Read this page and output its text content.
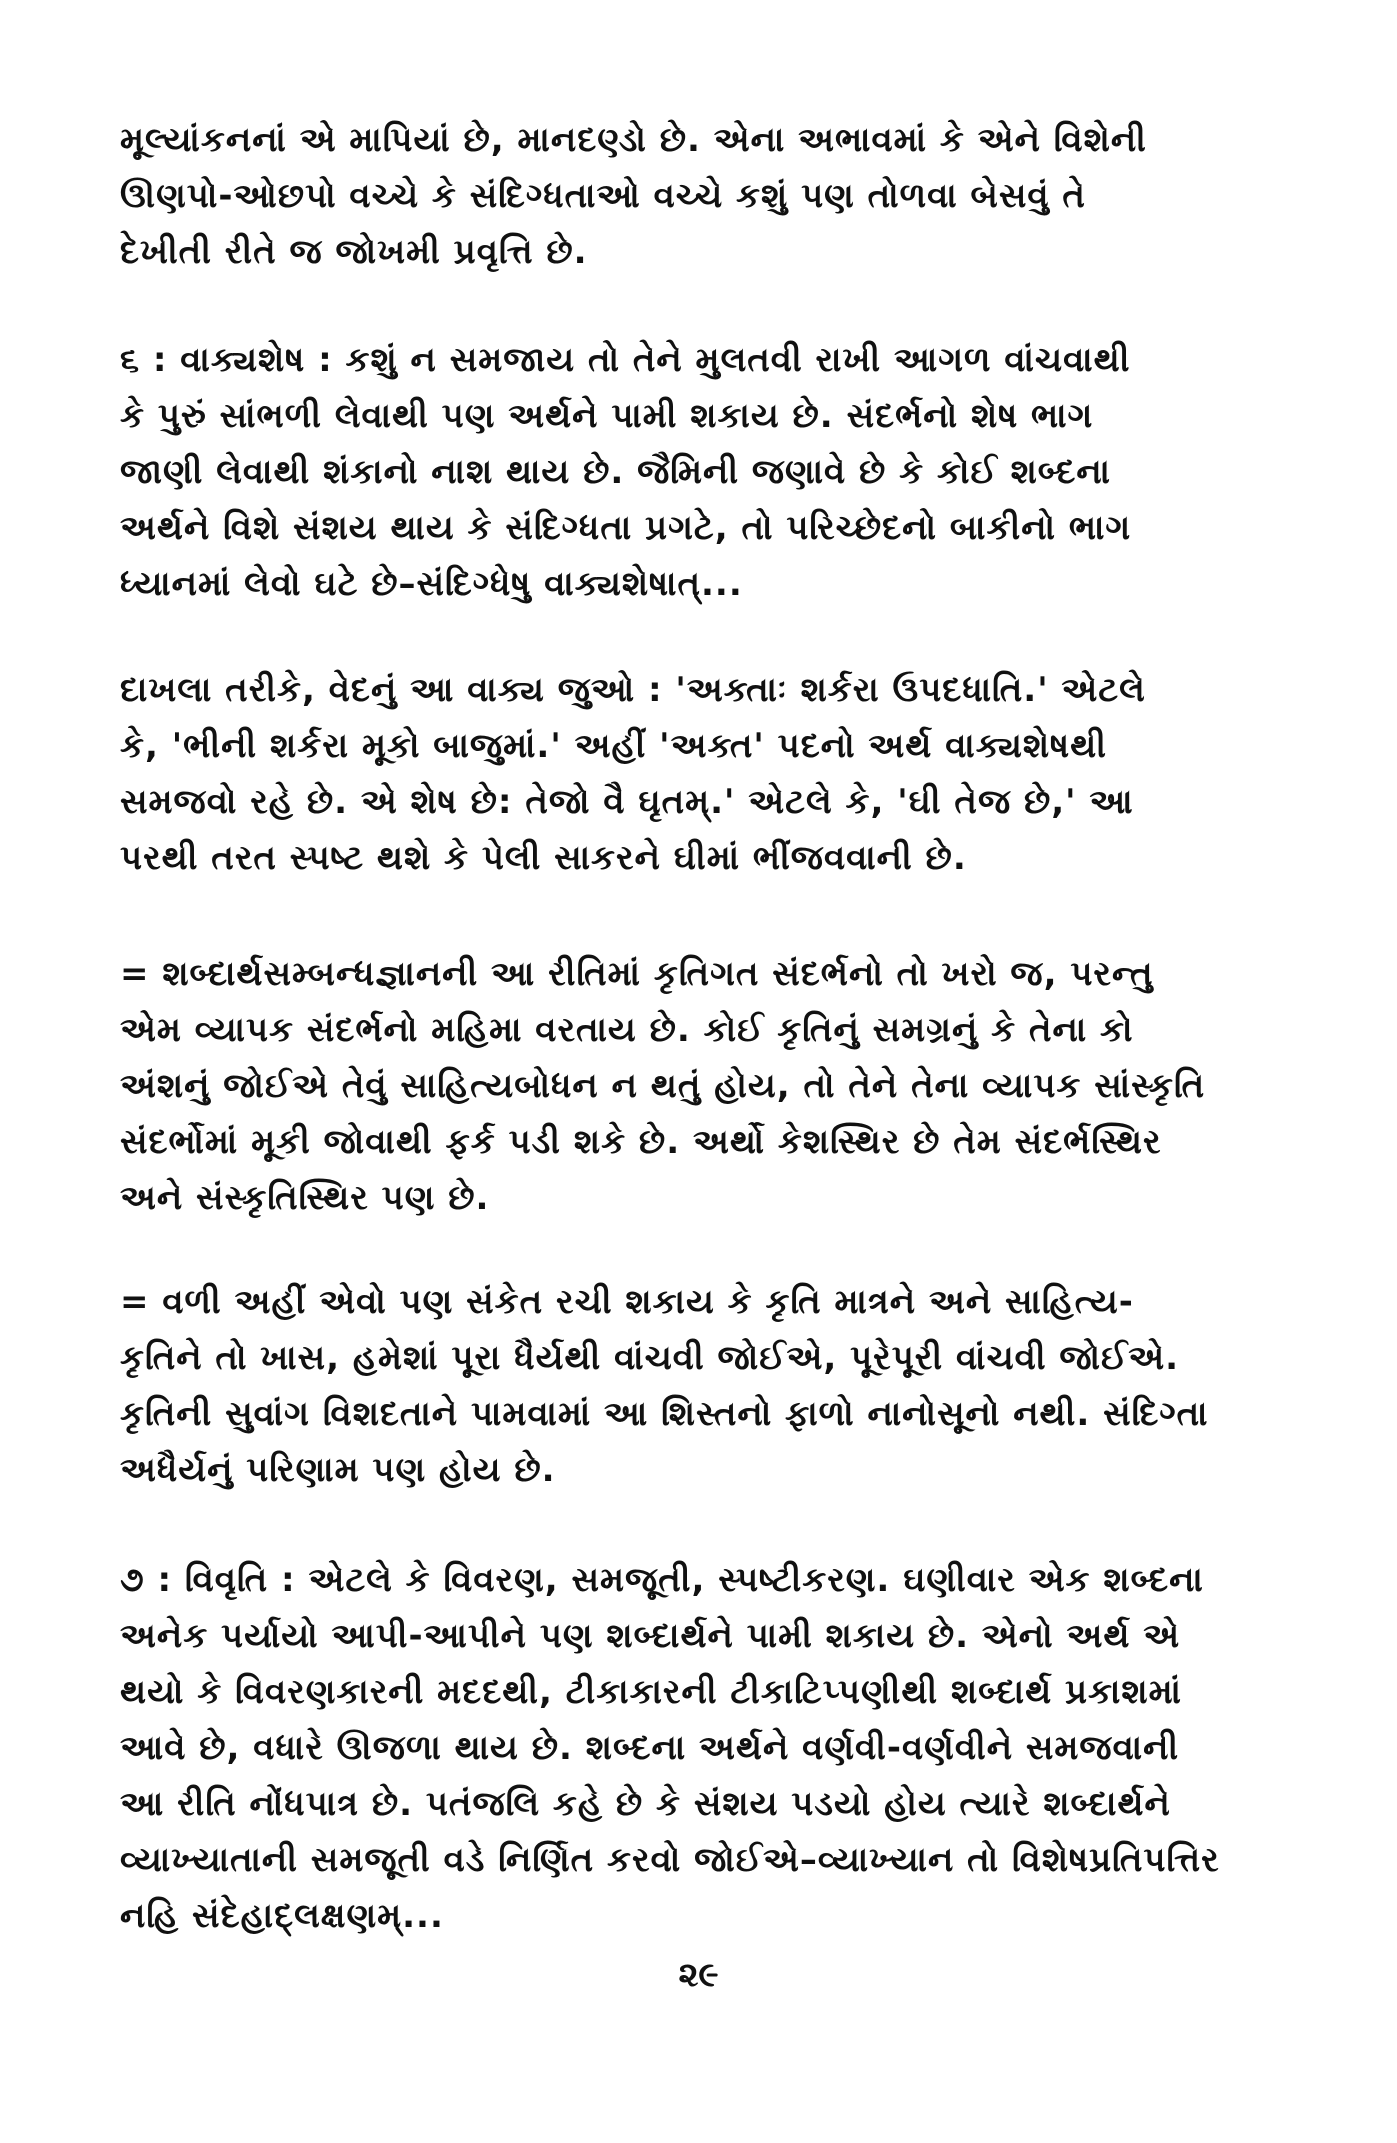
મૂલ્યાંકનનાં એ માપિયાં છે, માનદણ્ડો છે. એના અભાવમાં કે એને વિશેની
ઊણપો-ઓછપો વચ્ચે કે સંદિગ્ધતાઓ વચ્ચે કશું પણ તોળવા બેસવું તે
દેખીતી રીતે જ જોખમી પ્રવૃત્તિ છે.
૬ : વાક્યશેષ : કશું ન સમજાય તો તેને મુલતવી રાખી આગળ વાંચવાથી
કે પુરું સાંભળી લેવાથી પણ અર્થને પામી શકાય છે. સંદર્ભનો શેષ ભાગ
જાણી લેવાથી શંકાનો નાશ થાય છે. જૈમિની જણાવે છે કે કોઈ શબ્દના
અર્થને વિશે સંશય થાય કે સંદિગ્ધતા પ્રગટે, તો પરિચ્છેદનો બાકીનો ભાગ
ધ્યાનમાં લેવો ઘટે છે–સંદિગ્ધેષુ વાક્યશેષાત્...
દાખલા તરીકે, વેદનું આ વાક્ય જુઓ : 'અક્તાઃ શર્કરા ઉપદધાતિ.' એટલે
કે, 'ભીની શર્કરા મૂકો બાજુમાં.' અહીં 'અક્ત' પદનો અર્થ વાક્યશેષથી
સમજવો રહે છે. એ શેષ છે: તેજો વૈ ઘૃતમ્.' એટલે કે, 'ઘી તેજ છે,' આ
પરથી તરત સ્પષ્ટ થશે કે પેલી સાકરને ઘીમાં ભીંજવવાની છે.
= શબ્દાર્થસમ્બન્ધજ્ઞાનની આ રીતિમાં કૃતિગત સંદર્ભનો તો ખરો જ, પરન્તુ
એમ વ્યાપક સંદર્ભનો મહિમા વરતાય છે. કોઈ કૃતિનું સમગ્રનું કે તેના કો
અંશનું જોઈએ તેવું સાહિત્યબોધન ન થતું હોય, તો તેને તેના વ્યાપક સાંસ્કૃતિ
સંદર્ભોમાં મૂકી જોવાથી ફર્ક પડી શકે છે. અર્થો કેશસ્થિર છે તેમ સંદર્ભસ્થિર
અને સંસ્કૃતિસ્થિર પણ છે.
= વળી અહીં એવો પણ સંકેત રચી શકાય કે કૃતિ માત્રને અને સાહિત્ય-
કૃતિને તો ખાસ, હમેશાં પૂરા ધૈર્યથી વાંચવી જોઈએ, પૂરેપૂરી વાંચવી જોઈએ.
કૃતિની સુવાંગ વિશદતાને પામવામાં આ શિસ્તનો ફાળો નાનોસૂનો નથી. સંદિગ્તા
અધૈર્યનું પરિણામ પણ હોય છે.
૭ : વિવૃતિ : એટલે કે વિવરણ, સમજૂતી, સ્પષ્ટીકરણ. ઘણીવાર એક શબ્દના
અનેક પર્યાયો આપી-આપીને પણ શબ્દાર્થને પામી શકાય છે. એનો અર્થ એ
થયો કે વિવરણકારની મદદથી, ટીકાકારની ટીકાટિપ્પણીથી શબ્દાર્થ પ્રકાશમાં
આવે છે, વધારે ઊજળા થાય છે. શબ્દના અર્થને વર્ણવી-વર્ણવીને સમજવાની
આ રીતિ નોંધપાત્ર છે. પતંજલિ કહે છે કે સંશય પડયો હોય ત્યારે શબ્દાર્થને
વ્યાખ્યાતાની સમજૂતી વડે નિર્ણિત કરવો જોઈએ–વ્યાખ્યાન તો વિશેષપ્રતિપત્તિર
નહિ સંદેહાદ્લક્ષણમ્...
૨૯
